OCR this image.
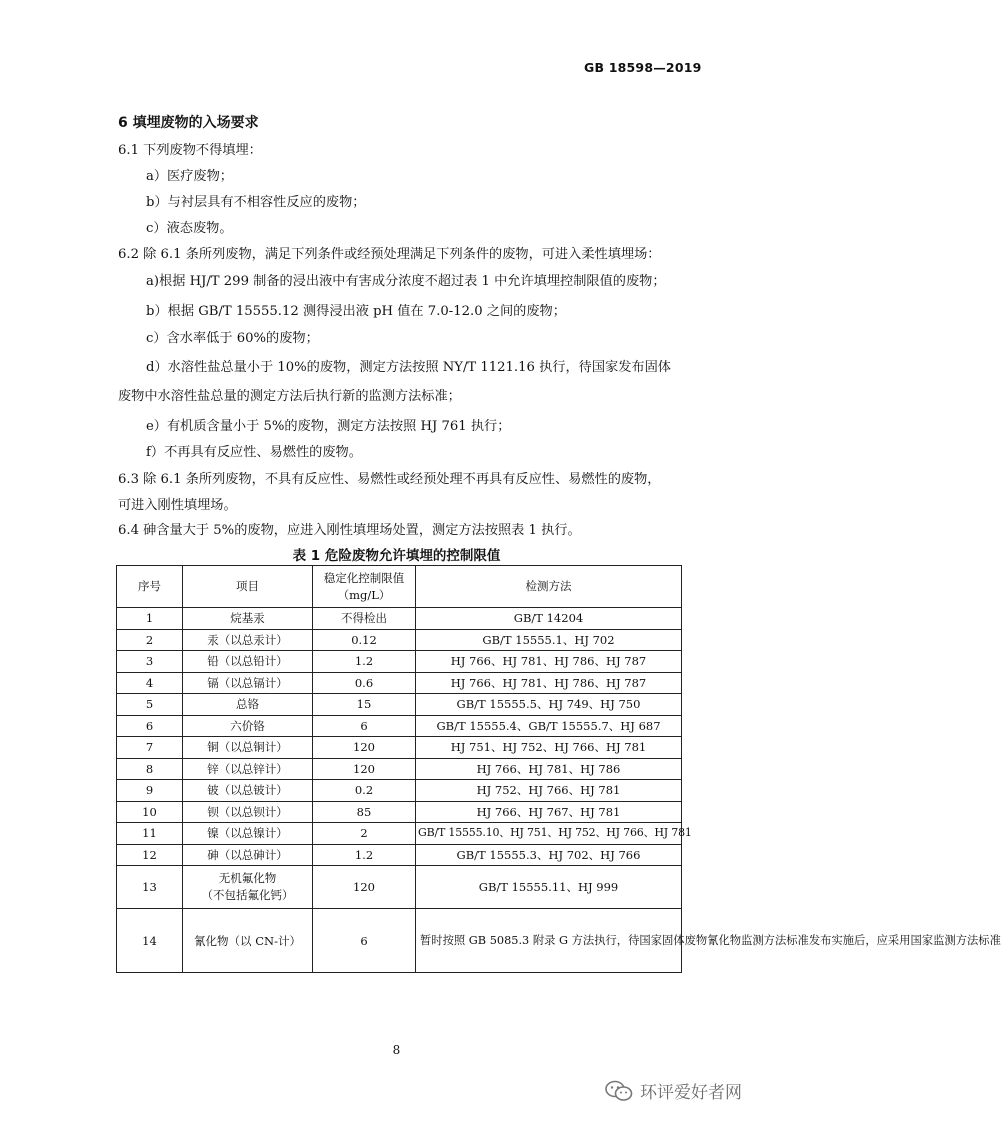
GB 18598—2019
6 填埋废物的入场要求
6.1 下列废物不得填埋：
a）医疗废物；
b）与衬层具有不相容性反应的废物；
c）液态废物。
6.2 除 6.1 条所列废物，满足下列条件或经预处理满足下列条件的废物，可进入柔性填埋场：
a)根据 HJ/T 299 制备的浸出液中有害成分浓度不超过表 1 中允许填埋控制限值的废物；
b）根据 GB/T 15555.12 测得浸出液 pH 值在 7.0-12.0 之间的废物；
c）含水率低于 60%的废物；
d）水溶性盐总量小于 10%的废物，测定方法按照 NY/T 1121.16 执行，待国家发布固体
废物中水溶性盐总量的测定方法后执行新的监测方法标准；
e）有机质含量小于 5%的废物，测定方法按照 HJ 761 执行；
f）不再具有反应性、易燃性的废物。
6.3 除 6.1 条所列废物，不具有反应性、易燃性或经预处理不再具有反应性、易燃性的废物，
可进入刚性填埋场。
6.4 砷含量大于 5%的废物，应进入刚性填埋场处置，测定方法按照表 1 执行。
表 1 危险废物允许填埋的控制限值
序号	项目	稳定化控制限值
（mg/L）	检测方法
1	烷基汞	不得检出	GB/T 14204
2	汞（以总汞计）	0.12	GB/T 15555.1、HJ 702
3	铅（以总铅计）	1.2	HJ 766、HJ 781、HJ 786、HJ 787
4	镉（以总镉计）	0.6	HJ 766、HJ 781、HJ 786、HJ 787
5	总铬	15	GB/T 15555.5、HJ 749、HJ 750
6	六价铬	6	GB/T 15555.4、GB/T 15555.7、HJ 687
7	铜（以总铜计）	120	HJ 751、HJ 752、HJ 766、HJ 781
8	锌（以总锌计）	120	HJ 766、HJ 781、HJ 786
9	铍（以总铍计）	0.2	HJ 752、HJ 766、HJ 781
10	钡（以总钡计）	85	HJ 766、HJ 767、HJ 781
11	镍（以总镍计）	2	GB/T 15555.10、HJ 751、HJ 752、HJ 766、HJ 781
12	砷（以总砷计）	1.2	GB/T 15555.3、HJ 702、HJ 766
13	无机氟化物
（不包括氟化钙）	120	GB/T 15555.11、HJ 999
14	氰化物（以 CN-计）	6	暂时按照 GB 5085.3 附录 G 方法执行，待国家固体废物氰化物监测方法标准发布实施后，应采用国家监测方法标准
8
环评爱好者网
